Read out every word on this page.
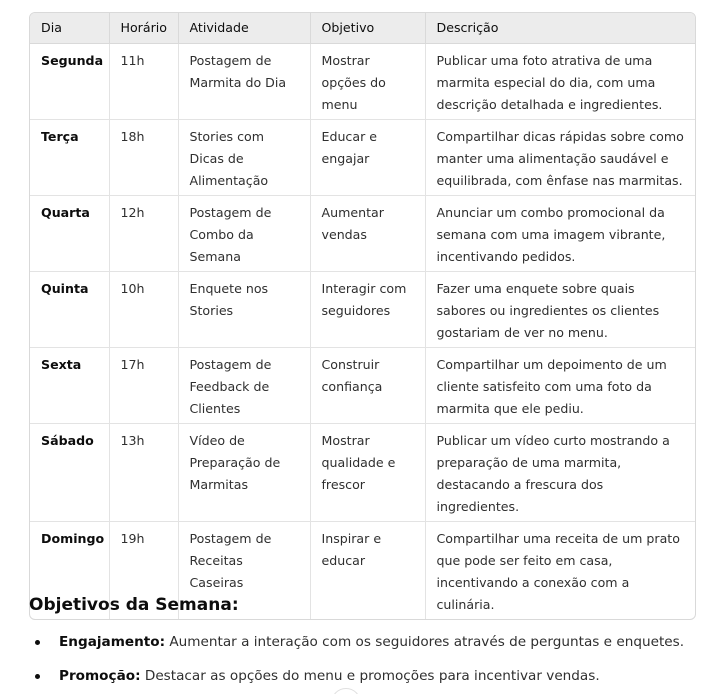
Dia	Horário	Atividade	Objetivo	Descrição
Segunda	11h	Postagem de Marmita do Dia	Mostrar opções do menu	Publicar uma foto atrativa de uma marmita especial do dia, com uma descrição detalhada e ingredientes.
Terça	18h	Stories com Dicas de Alimentação	Educar e engajar	Compartilhar dicas rápidas sobre como manter uma alimentação saudável e equilibrada, com ênfase nas marmitas.
Quarta	12h	Postagem de Combo da Semana	Aumentar vendas	Anunciar um combo promocional da semana com uma imagem vibrante, incentivando pedidos.
Quinta	10h	Enquete nos Stories	Interagir com seguidores	Fazer uma enquete sobre quais sabores ou ingredientes os clientes gostariam de ver no menu.
Sexta	17h	Postagem de Feedback de Clientes	Construir confiança	Compartilhar um depoimento de um cliente satisfeito com uma foto da marmita que ele pediu.
Sábado	13h	Vídeo de Preparação de Marmitas	Mostrar qualidade e frescor	Publicar um vídeo curto mostrando a preparação de uma marmita, destacando a frescura dos ingredientes.
Domingo	19h	Postagem de Receitas Caseiras	Inspirar e educar	Compartilhar uma receita de um prato que pode ser feito em casa, incentivando a conexão com a culinária.
Objetivos da Semana:
Engajamento: Aumentar a interação com os seguidores através de perguntas e enquetes.
Promoção: Destacar as opções do menu e promoções para incentivar vendas.
